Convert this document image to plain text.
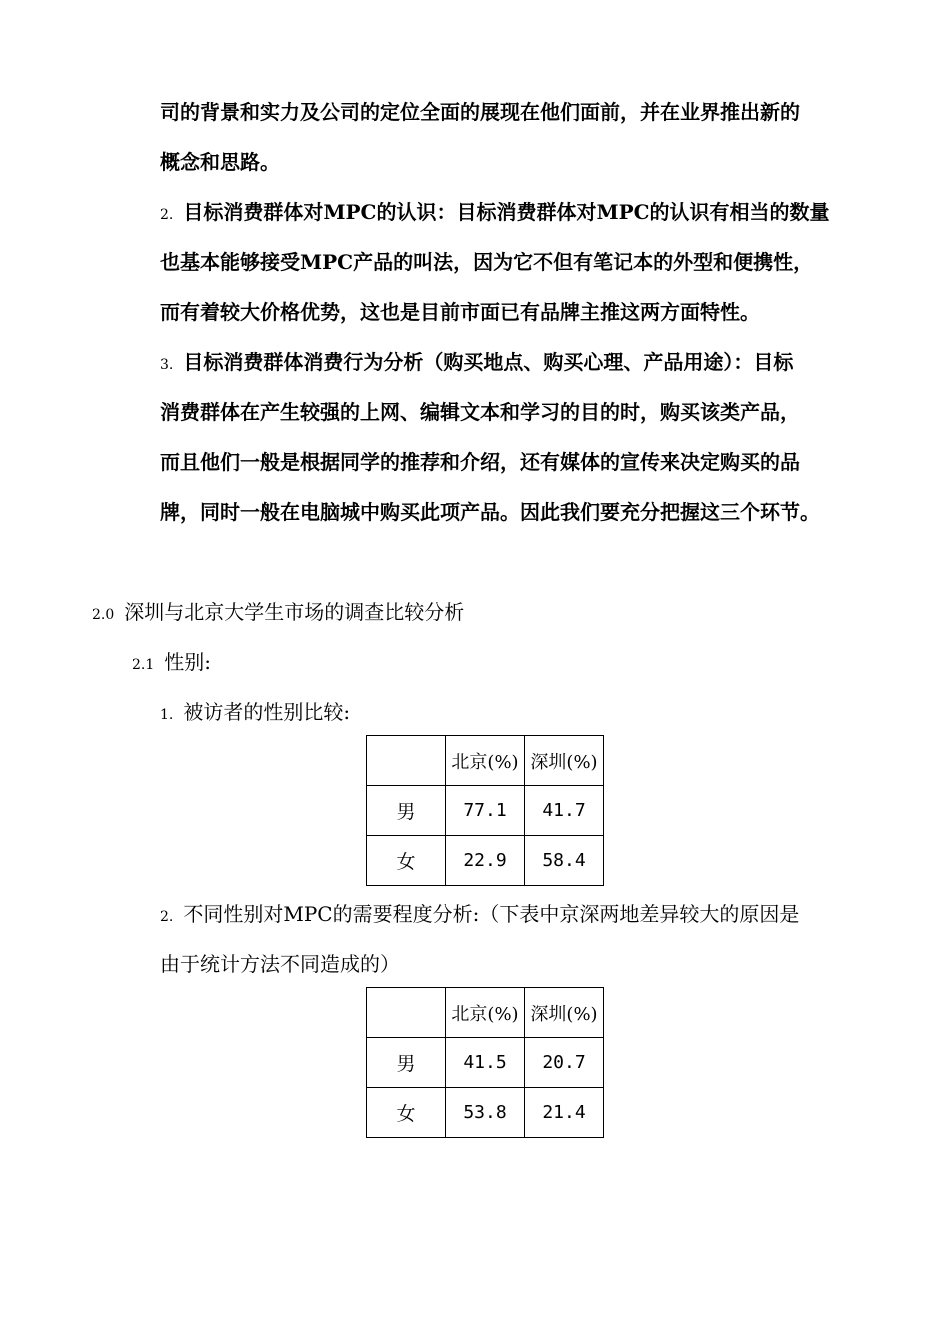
司的背景和实力及公司的定位全面的展现在他们面前，并在业界推出新的
概念和思路。
2. 目标消费群体对MPC的认识：目标消费群体对MPC的认识有相当的数量
也基本能够接受MPC产品的叫法，因为它不但有笔记本的外型和便携性，
而有着较大价格优势，这也是目前市面已有品牌主推这两方面特性。
3. 目标消费群体消费行为分析（购买地点、购买心理、产品用途）：目标
消费群体在产生较强的上网、编辑文本和学习的目的时，购买该类产品，
而且他们一般是根据同学的推荐和介绍，还有媒体的宣传来决定购买的品
牌，同时一般在电脑城中购买此项产品。因此我们要充分把握这三个环节。
2.0 深圳与北京大学生市场的调查比较分析
2.1 性别:
1. 被访者的性别比较:
	北京(%)	深圳(%)
男	77.1	41.7
女	22.9	58.4
2. 不同性别对MPC的需要程度分析:（下表中京深两地差异较大的原因是
由于统计方法不同造成的）
	北京(%)	深圳(%)
男	41.5	20.7
女	53.8	21.4
